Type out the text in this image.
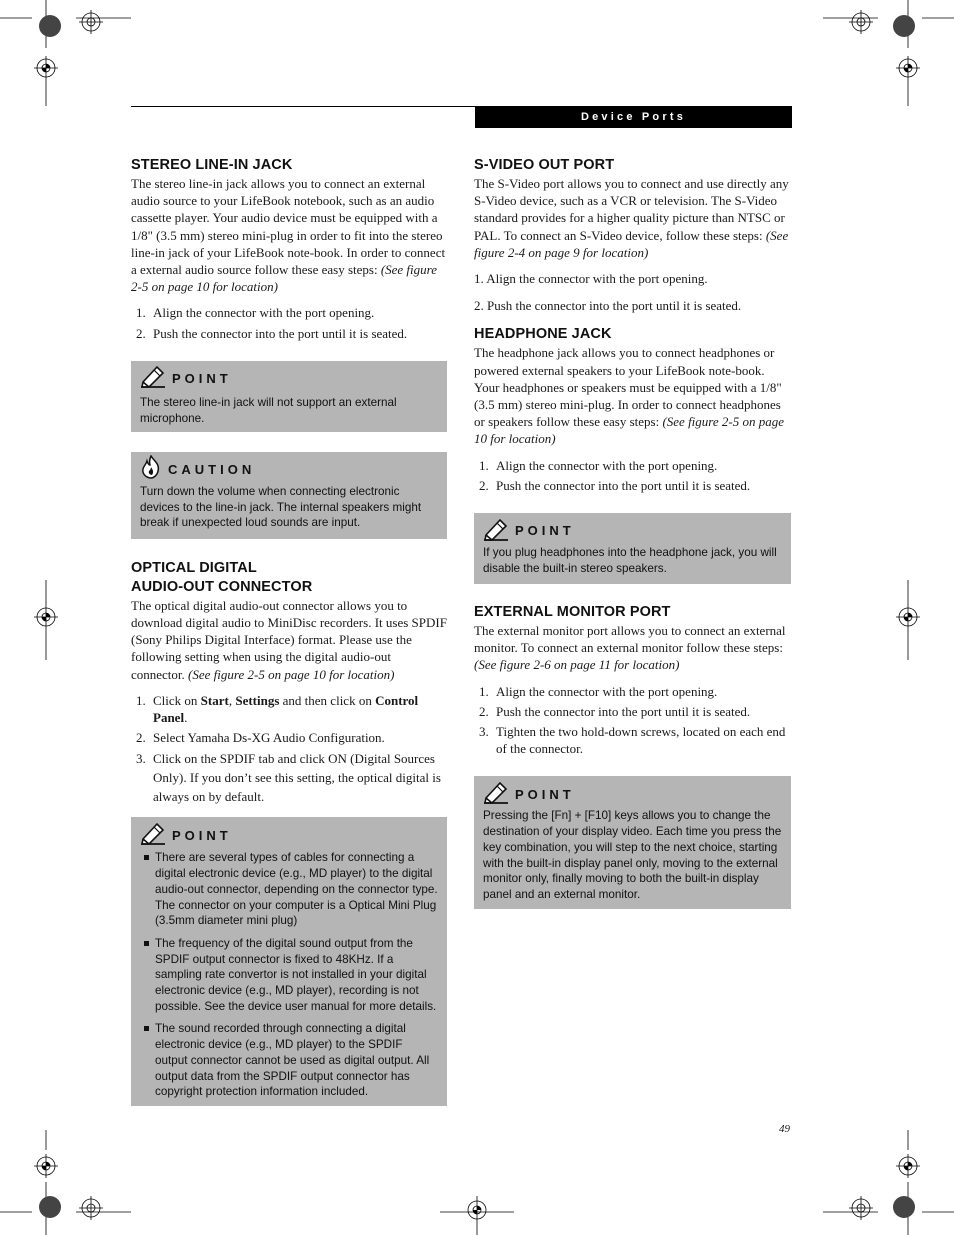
Device Ports
STEREO LINE-IN JACK

The stereo line-in jack allows you to connect an external audio source to your LifeBook notebook, such as an audio cassette player. Your audio device must be equipped with a 1/8" (3.5 mm) stereo mini-plug in order to fit into the stereo line-in jack of your LifeBook note-book. In order to connect a external audio source follow these easy steps: (See figure 2-5 on page 10 for location)

1. Align the connector with the port opening.
2. Push the connector into the port until it is seated.
POINT

The stereo line-in jack will not support an external microphone.

CAUTION

Turn down the volume when connecting electronic devices to the line-in jack. The internal speakers might break if unexpected loud sounds are input.

OPTICAL DIGITAL
AUDIO-OUT CONNECTOR

The optical digital audio-out connector allows you to download digital audio to MiniDisc recorders. It uses SPDIF (Sony Philips Digital Interface) format. Please use the following setting when using the digital audio-out connector. (See figure 2-5 on page 10 for location)

1. Click on Start, Settings and then click on Control Panel.
2. Select Yamaha Ds-XG Audio Configuration.
3. Click on the SPDIF tab and click ON (Digital Sources Only). If you don’t see this setting, the optical digital is always on by default.
POINT
There are several types of cables for connecting a digital electronic device (e.g., MD player) to the digital audio-out connector, depending on the connector type. The connector on your computer is a Optical Mini Plug (3.5mm diameter mini plug)
The frequency of the digital sound output from the SPDIF output connector is fixed to 48KHz. If a sampling rate convertor is not installed in your digital electronic device (e.g., MD player), recording is not possible. See the device user manual for more details.
The sound recorded through connecting a digital electronic device (e.g., MD player) to the SPDIF output connector cannot be used as digital output. All output data from the SPDIF output connector has copyright protection information included.
S-VIDEO OUT PORT

The S-Video port allows you to connect and use directly any S-Video device, such as a VCR or television. The S-Video standard provides for a higher quality picture than NTSC or PAL. To connect an S-Video device, follow these steps: (See figure 2-4 on page 9 for location)

1. Align the connector with the port opening.

2. Push the connector into the port until it is seated.

HEADPHONE JACK

The headphone jack allows you to connect headphones or powered external speakers to your LifeBook note-book. Your headphones or speakers must be equipped with a 1/8" (3.5 mm) stereo mini-plug. In order to connect headphones or speakers follow these easy steps: (See figure 2-5 on page 10 for location)

1. Align the connector with the port opening.
2. Push the connector into the port until it is seated.
POINT

If you plug headphones into the headphone jack, you will disable the built-in stereo speakers.

EXTERNAL MONITOR PORT

The external monitor port allows you to connect an external monitor. To connect an external monitor follow these steps: (See figure 2-6 on page 11 for location)

1. Align the connector with the port opening.
2. Push the connector into the port until it is seated.
3. Tighten the two hold-down screws, located on each end of the connector.
POINT

Pressing the [Fn] + [F10] keys allows you to change the destination of your display video. Each time you press the key combination, you will step to the next choice, starting with the built-in display panel only, moving to the external monitor only, finally moving to both the built-in display panel and an external monitor.

49
